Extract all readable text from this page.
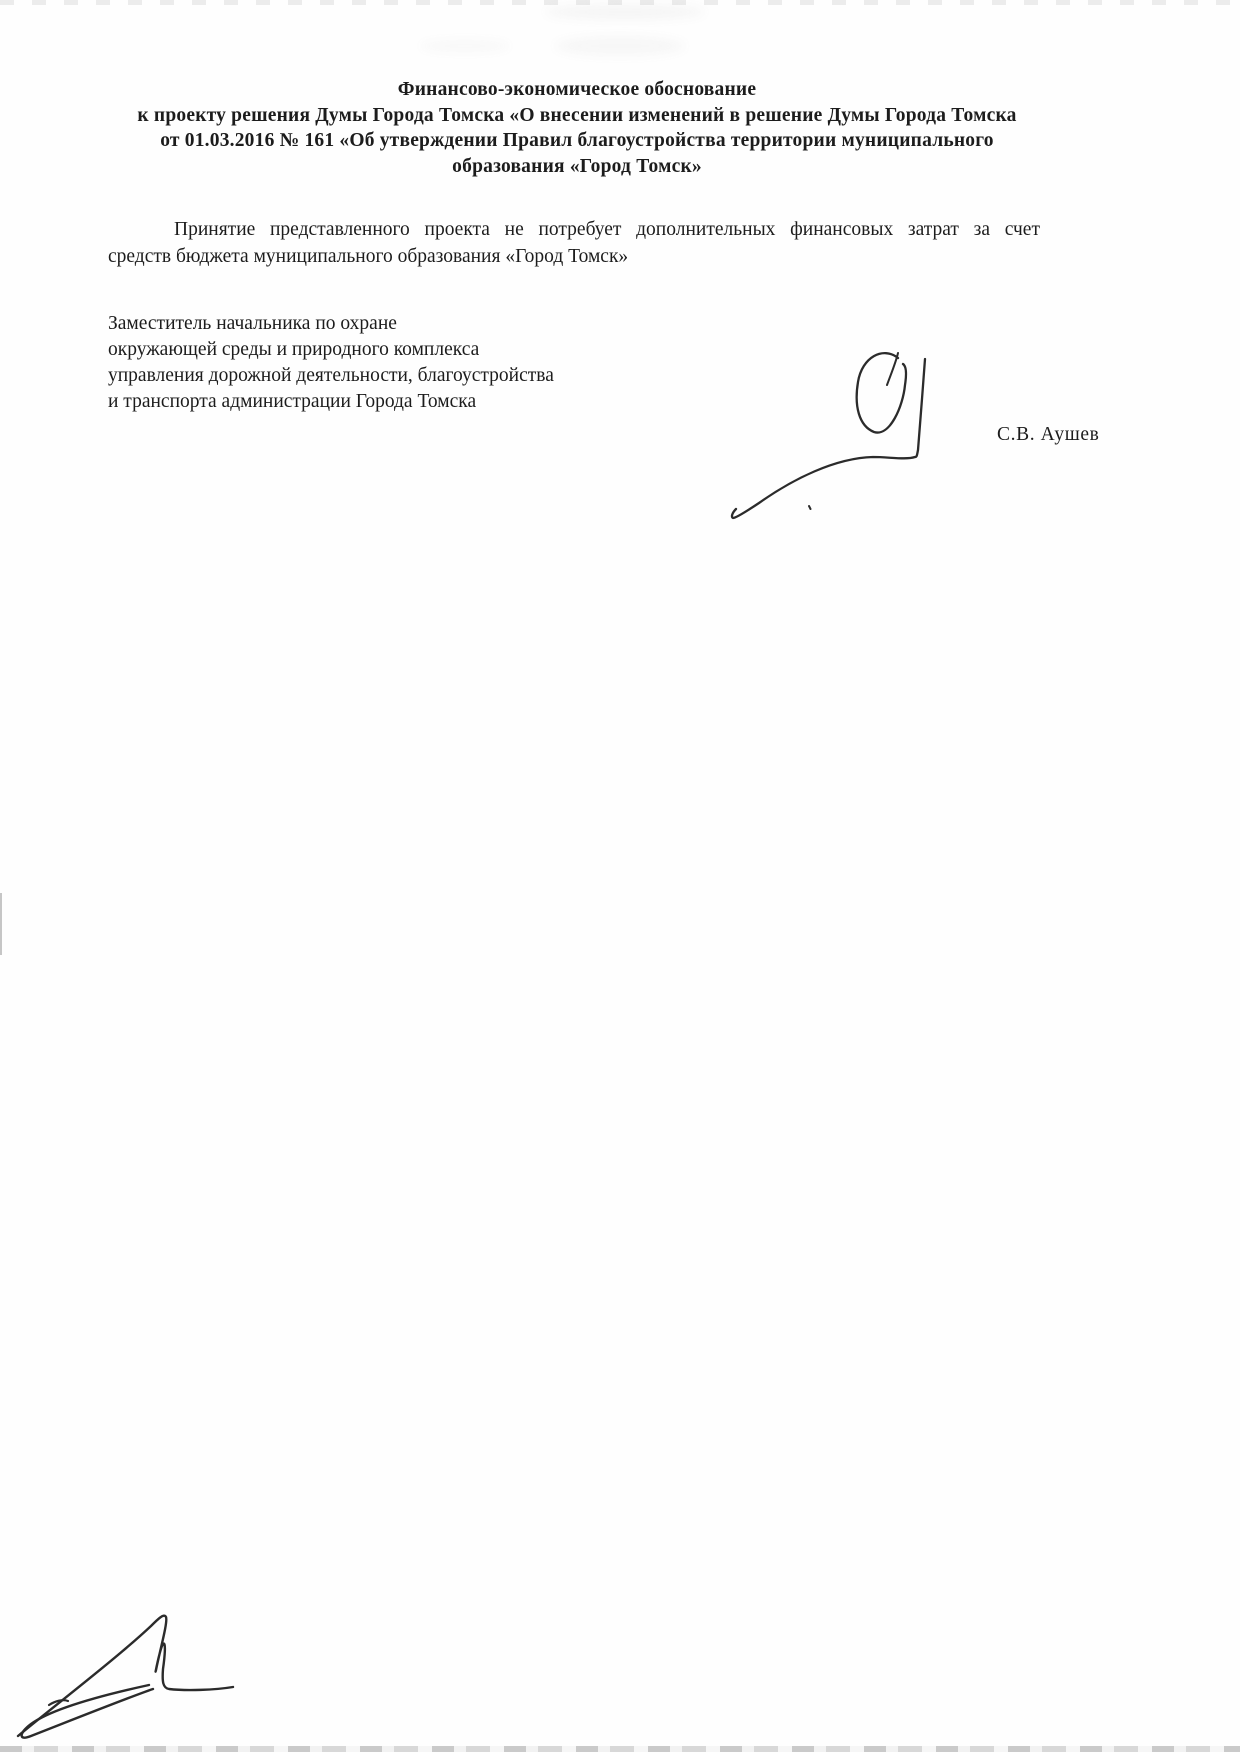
Финансово-экономическое обоснование
к проекту решения Думы Города Томска «О внесении изменений в решение Думы Города Томска
от 01.03.2016 № 161 «Об утверждении Правил благоустройства территории муниципального
образования «Город Томск»
Принятие представленного проекта не потребует дополнительных финансовых затрат за счет
средств бюджета муниципального образования «Город Томск»
Заместитель начальника по охране
окружающей среды и природного комплекса
управления дорожной деятельности, благоустройства
и транспорта администрации Города Томска
С.В. Аушев
